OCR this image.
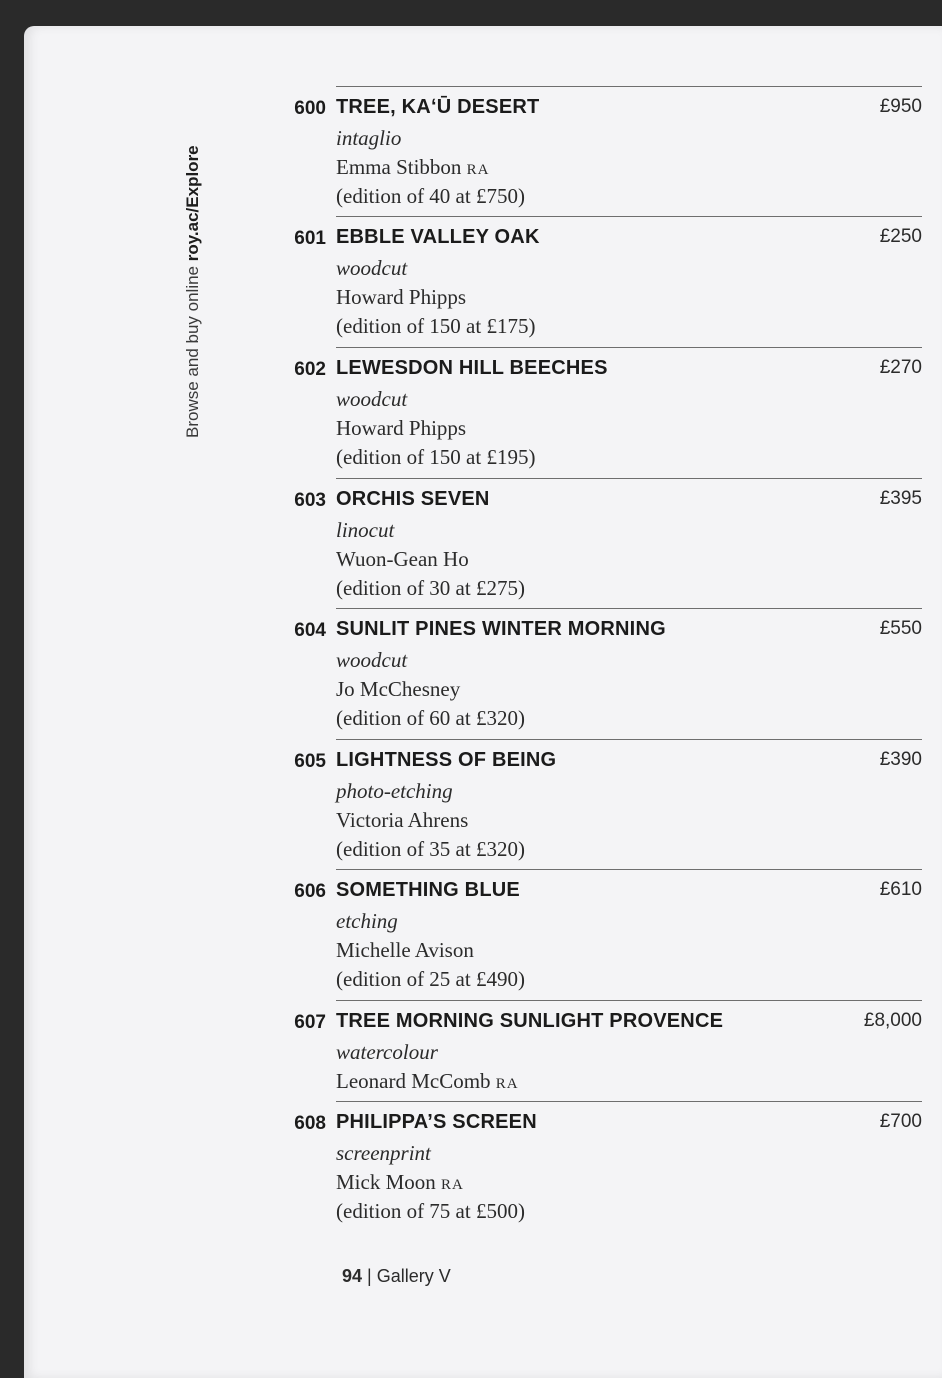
Browse and buy online roy.ac/Explore
600 TREE, KAʻŪ DESERT	£950
intaglio
Emma Stibbon RA
(edition of 40 at £750)
601 EBBLE VALLEY OAK	£250
woodcut
Howard Phipps
(edition of 150 at £175)
602 LEWESDON HILL BEECHES	£270
woodcut
Howard Phipps
(edition of 150 at £195)
603 ORCHIS SEVEN	£395
linocut
Wuon-Gean Ho
(edition of 30 at £275)
604 SUNLIT PINES WINTER MORNING	£550
woodcut
Jo McChesney
(edition of 60 at £320)
605 LIGHTNESS OF BEING	£390
photo-etching
Victoria Ahrens
(edition of 35 at £320)
606 SOMETHING BLUE	£610
etching
Michelle Avison
(edition of 25 at £490)
607 TREE MORNING SUNLIGHT PROVENCE	£8,000
watercolour
Leonard McComb RA
608 PHILIPPA’S SCREEN	£700
screenprint
Mick Moon RA
(edition of 75 at £500)
94 | Gallery V
